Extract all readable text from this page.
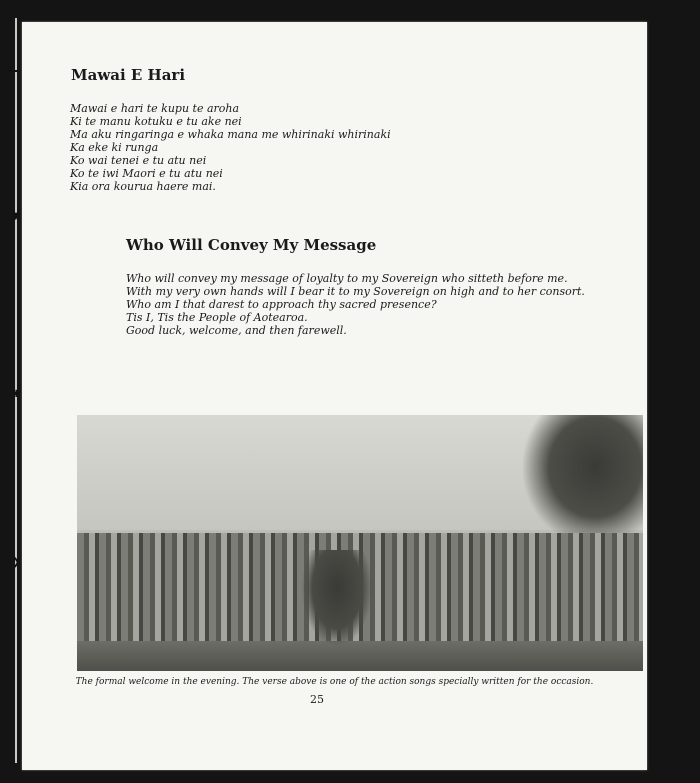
▼
✱
❯
Mawai E Hari
Mawai e hari te kupu te aroha
Ki te manu kotuku e tu ake nei
Ma aku ringaringa e whaka mana me whirinaki whirinaki
Ka eke ki runga
Ko wai tenei e tu atu nei
Ko te iwi Maori e tu atu nei
Kia ora kourua haere mai.
Who Will Convey My Message
Who will convey my message of loyalty to my Sovereign who sitteth before me.
With my very own hands will I bear it to my Sovereign on high and to her consort.
Who am I that darest to approach thy sacred presence?
Tis I, Tis the People of Aotearoa.
Good luck, welcome, and then farewell.
The formal welcome in the evening. The verse above is one of the action songs specially written for the occasion.
25
